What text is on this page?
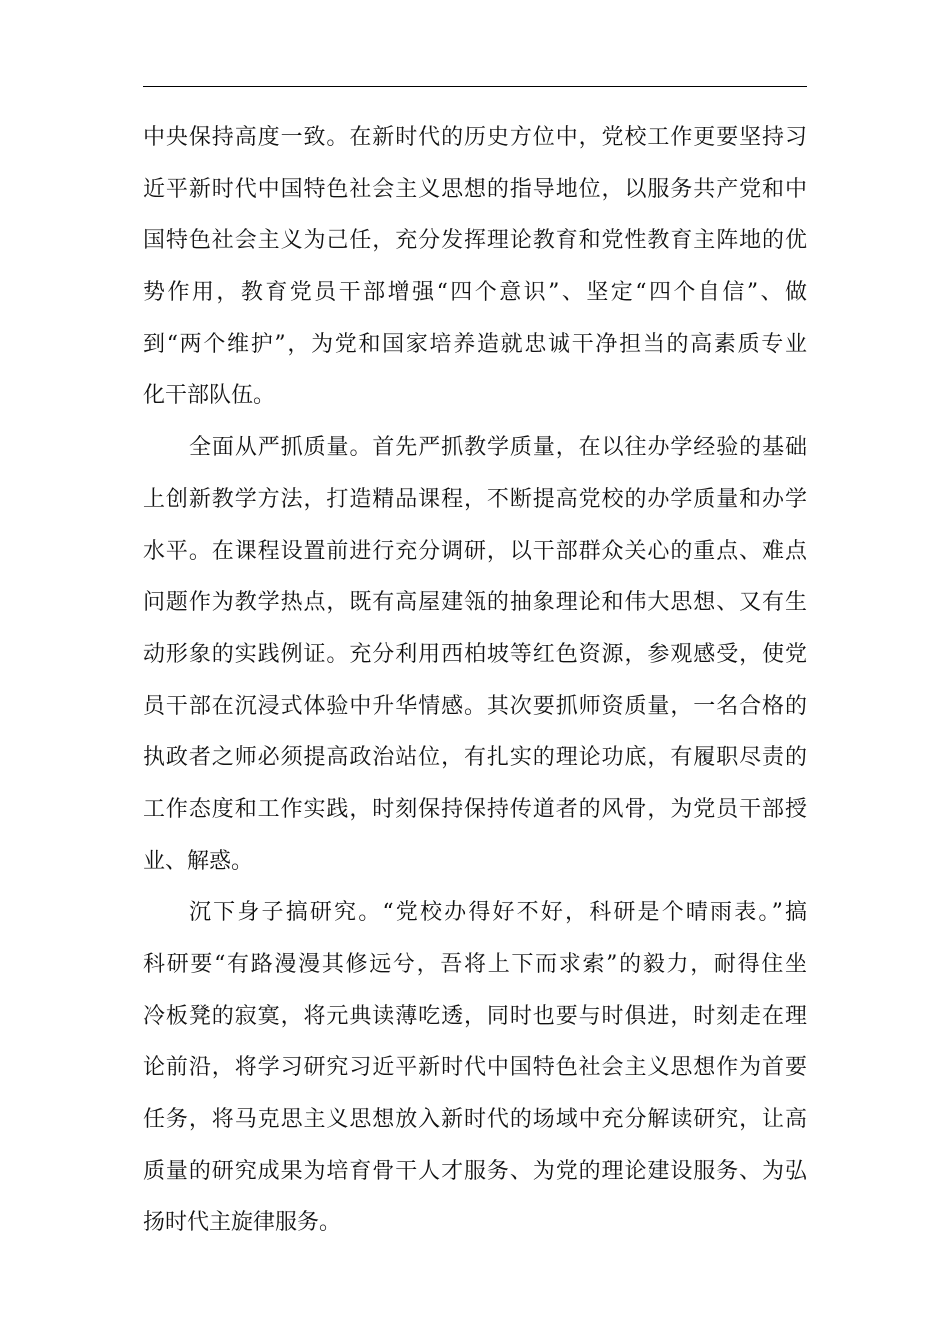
中央保持高度一致。在新时代的历史方位中，党校工作更要坚持习
近平新时代中国特色社会主义思想的指导地位，以服务共产党和中
国特色社会主义为己任，充分发挥理论教育和党性教育主阵地的优
势作用，教育党员干部增强“四个意识”、坚定“四个自信”、做
到“两个维护”，为党和国家培养造就忠诚干净担当的高素质专业
化干部队伍。
全面从严抓质量。首先严抓教学质量，在以往办学经验的基础
上创新教学方法，打造精品课程，不断提高党校的办学质量和办学
水平。在课程设置前进行充分调研，以干部群众关心的重点、难点
问题作为教学热点，既有高屋建瓴的抽象理论和伟大思想、又有生
动形象的实践例证。充分利用西柏坡等红色资源，参观感受，使党
员干部在沉浸式体验中升华情感。其次要抓师资质量，一名合格的
执政者之师必须提高政治站位，有扎实的理论功底，有履职尽责的
工作态度和工作实践，时刻保持保持传道者的风骨，为党员干部授
业、解惑。
沉下身子搞研究。“党校办得好不好，科研是个晴雨表。”搞
科研要“有路漫漫其修远兮，吾将上下而求索”的毅力，耐得住坐
冷板凳的寂寞，将元典读薄吃透，同时也要与时俱进，时刻走在理
论前沿，将学习研究习近平新时代中国特色社会主义思想作为首要
任务，将马克思主义思想放入新时代的场域中充分解读研究，让高
质量的研究成果为培育骨干人才服务、为党的理论建设服务、为弘
扬时代主旋律服务。
